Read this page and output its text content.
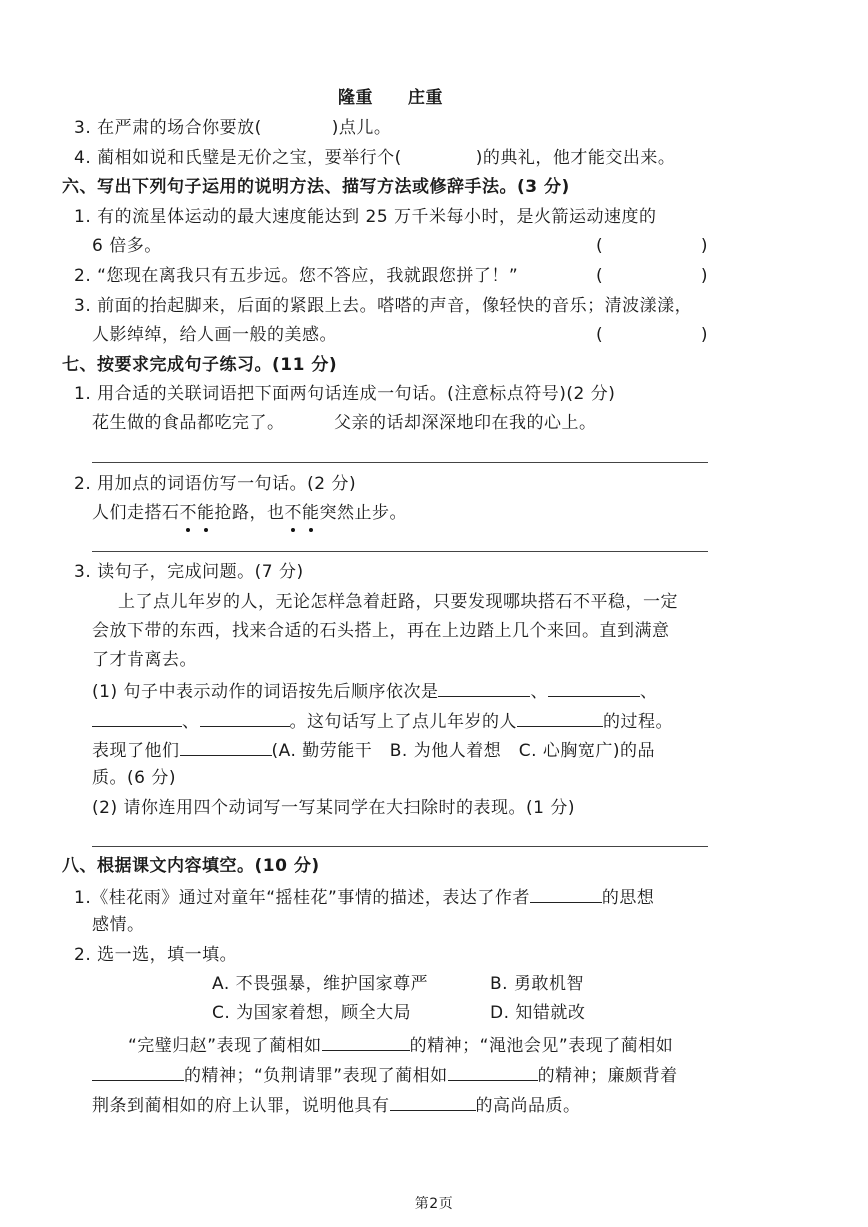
隆重　　庄重
3. 在严肃的场合你要放(	)点儿。
4. 蔺相如说和氏璧是无价之宝，要举行个(	)的典礼，他才能交出来。
六、写出下列句子运用的说明方法、描写方法或修辞手法。(3 分)
1. 有的流星体运动的最大速度能达到 25 万千米每小时，是火箭运动速度的
6 倍多。	(	)
2. “您现在离我只有五步远。您不答应，我就跟您拼了！”	(	)
3. 前面的抬起脚来，后面的紧跟上去。嗒嗒的声音，像轻快的音乐；清波漾漾，
人影绰绰，给人画一般的美感。	(	)
七、按要求完成句子练习。(11 分)
1. 用合适的关联词语把下面两句话连成一句话。(注意标点符号)(2 分)
花生做的食品都吃完了。	父亲的话却深深地印在我的心上。
2. 用加点的词语仿写一句话。(2 分)
人们走搭石不能抢路，也不能突然止步。
3. 读句子，完成问题。(7 分)
上了点儿年岁的人，无论怎样急着赶路，只要发现哪块搭石不平稳，一定
会放下带的东西，找来合适的石头搭上，再在上边踏上几个来回。直到满意
了才肯离去。
(1) 句子中表示动作的词语按先后顺序依次是	、	、
、	。这句话写上了点儿年岁的人	的过程。
表现了他们	(A. 勤劳能干　B. 为他人着想　C. 心胸宽广)的品
质。(6 分)
(2) 请你连用四个动词写一写某同学在大扫除时的表现。(1 分)
八、根据课文内容填空。(10 分)
1.《桂花雨》通过对童年“摇桂花”事情的描述，表达了作者	的思想
感情。
2. 选一选，填一填。
A. 不畏强暴，维护国家尊严	B. 勇敢机智
C. 为国家着想，顾全大局	D. 知错就改
“完璧归赵”表现了蔺相如	的精神；“渑池会见”表现了蔺相如
的精神；“负荆请罪”表现了蔺相如	的精神；廉颇背着
荆条到蔺相如的府上认罪，说明他具有	的高尚品质。
第2页
